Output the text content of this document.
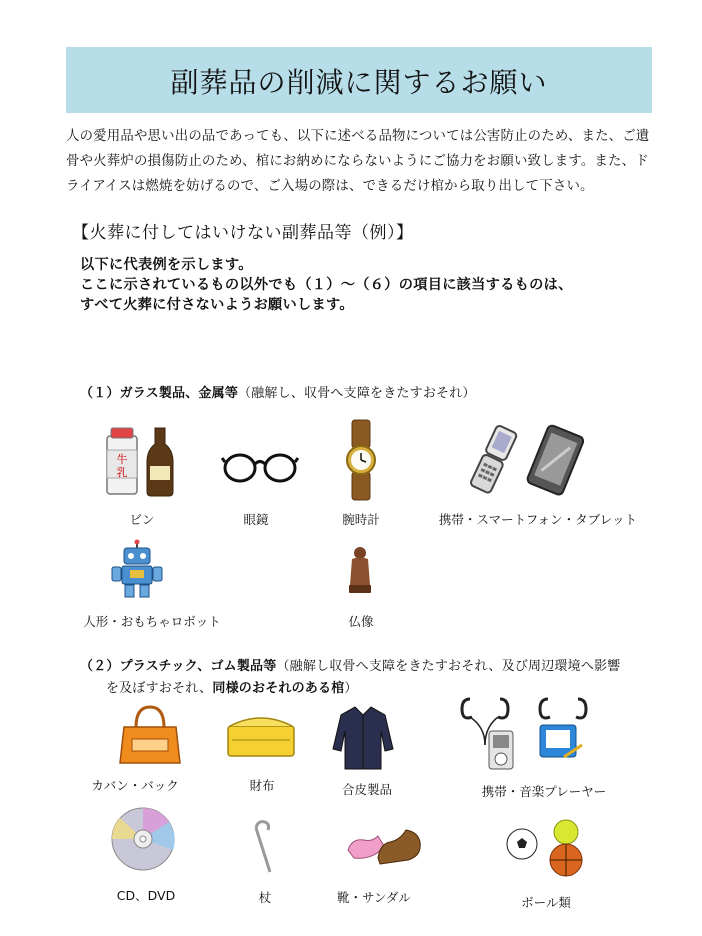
副葬品の削減に関するお願い
人の愛用品や思い出の品であっても、以下に述べる品物については公害防止のため、また、ご遺骨や火葬炉の損傷防止のため、棺にお納めにならないようにご協力をお願い致します。また、ドライアイスは燃焼を妨げるので、ご入場の際は、できるだけ棺から取り出して下さい。
【火葬に付してはいけない副葬品等（例）】
以下に代表例を示します。
ここに示されているもの以外でも（１）～（６）の項目に該当するものは、
すべて火葬に付さないようお願いします。
（１）ガラス製品、金属等（融解し、収骨へ支障をきたすおそれ）
牛
乳
ビン	眼鏡	腕時計	携帯・スマートフォン・タブレット
人形・おもちゃロボット	仏像
（２）プラスチック、ゴム製品等（融解し収骨へ支障をきたすおそれ、及び周辺環境へ影響
を及ぼすおそれ、同様のおそれのある棺）
カバン・バック	財布	合皮製品	携帯・音楽プレーヤー
CD、DVD	杖	靴・サンダル	ボール類
